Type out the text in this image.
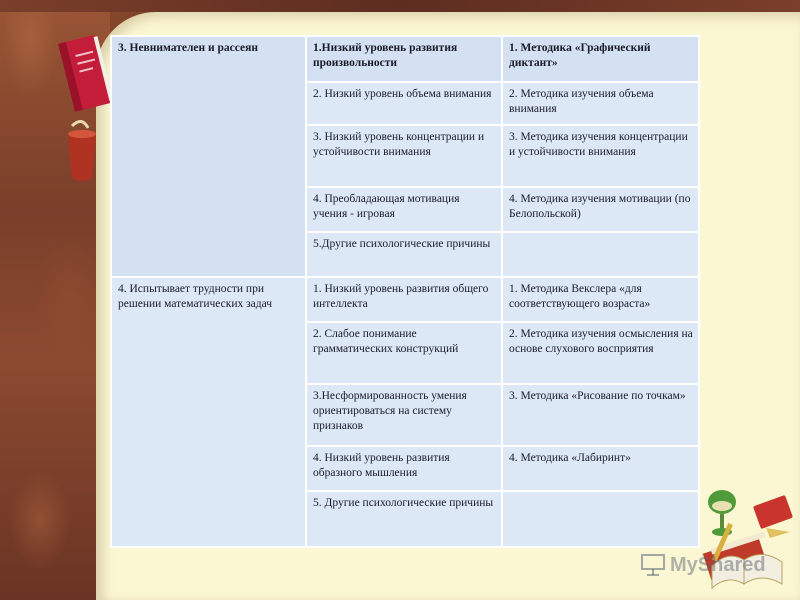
3. Невнимателен и рассеян	1.Низкий уровень развития произвольности	1. Методика «Графический диктант»
	2. Низкий уровень объема внимания	2. Методика изучения объема внимания
	3. Низкий уровень концентрации и устойчивости внимания	3. Методика изучения концентрации и устойчивости внимания
	4. Преобладающая мотивация учения - игровая	4. Методика изучения мотивации (по Белопольской)
	5.Другие психологические причины	
4. Испытывает трудности при решении математических задач	1. Низкий уровень развития общего интеллекта	1. Методика Векслера «для соответствующего возраста»
	2. Слабое понимание грамматических конструкций	2. Методика изучения осмысления на основе слухового восприятия
	3.Несформированность умения ориентироваться на систему признаков	3. Методика «Рисование по точкам»
	4. Низкий уровень развития образного мышления	4. Методика «Лабиринт»
	5. Другие психологические причины	
MyShared
